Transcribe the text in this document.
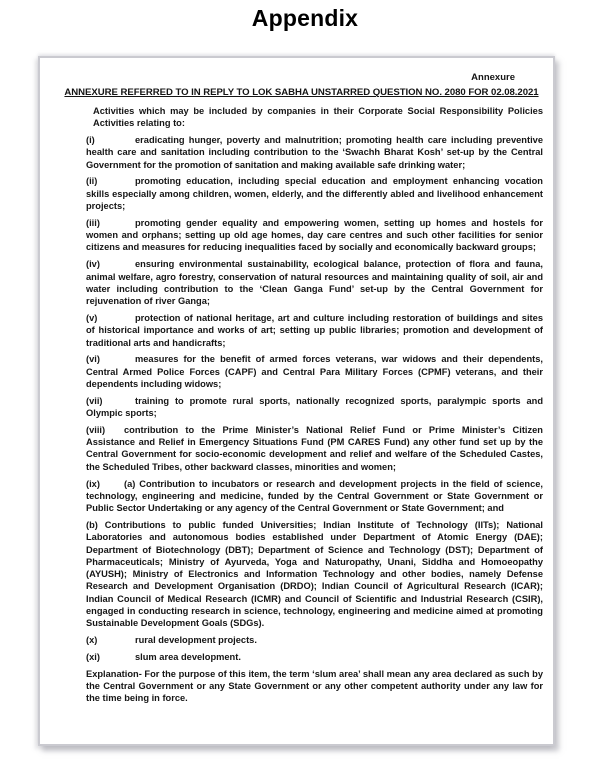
Appendix
Annexure
ANNEXURE REFERRED TO IN REPLY TO LOK SABHA UNSTARRED QUESTION NO. 2080 FOR 02.08.2021
Activities which may be included by companies in their Corporate Social Responsibility Policies Activities relating to:
(i)	eradicating hunger, poverty and malnutrition; promoting health care including preventive health care and sanitation including contribution to the ‘Swachh Bharat Kosh’ set-up by the Central Government for the promotion of sanitation and making available safe drinking water;
(ii)	promoting education, including special education and employment enhancing vocation skills especially among children, women, elderly, and the differently abled and livelihood enhancement projects;
(iii)	promoting gender equality and empowering women, setting up homes and hostels for women and orphans; setting up old age homes, day care centres and such other facilities for senior citizens and measures for reducing inequalities faced by socially and economically backward groups;
(iv)	ensuring environmental sustainability, ecological balance, protection of flora and fauna, animal welfare, agro forestry, conservation of natural resources and maintaining quality of soil, air and water including contribution to the ‘Clean Ganga Fund’ set-up by the Central Government for rejuvenation of river Ganga;
(v)	protection of national heritage, art and culture including restoration of buildings and sites of historical importance and works of art; setting up public libraries; promotion and development of traditional arts and handicrafts;
(vi)	measures for the benefit of armed forces veterans, war widows and their dependents, Central Armed Police Forces (CAPF) and Central Para Military Forces (CPMF) veterans, and their dependents including widows;
(vii)	training to promote rural sports, nationally recognized sports, paralympic sports and Olympic sports;
(viii) contribution to the Prime Minister’s National Relief Fund or Prime Minister’s Citizen Assistance and Relief in Emergency Situations Fund (PM CARES Fund) any other fund set up by the Central Government for socio-economic development and relief and welfare of the Scheduled Castes, the Scheduled Tribes, other backward classes, minorities and women;
(ix)	(a) Contribution to incubators or research and development projects in the field of science, technology, engineering and medicine, funded by the Central Government or State Government or Public Sector Undertaking or any agency of the Central Government or State Government; and
(b) Contributions to public funded Universities; Indian Institute of Technology (IITs); National Laboratories and autonomous bodies established under Department of Atomic Energy (DAE); Department of Biotechnology (DBT); Department of Science and Technology (DST); Department of Pharmaceuticals; Ministry of Ayurveda, Yoga and Naturopathy, Unani, Siddha and Homoeopathy (AYUSH); Ministry of Electronics and Information Technology and other bodies, namely Defense Research and Development Organisation (DRDO); Indian Council of Agricultural Research (ICAR); Indian Council of Medical Research (ICMR) and Council of Scientific and Industrial Research (CSIR), engaged in conducting research in science, technology, engineering and medicine aimed at promoting Sustainable Development Goals (SDGs).
(x)	rural development projects.
(xi)	slum area development.
Explanation- For the purpose of this item, the term ‘slum area’ shall mean any area declared as such by the Central Government or any State Government or any other competent authority under any law for the time being in force.
